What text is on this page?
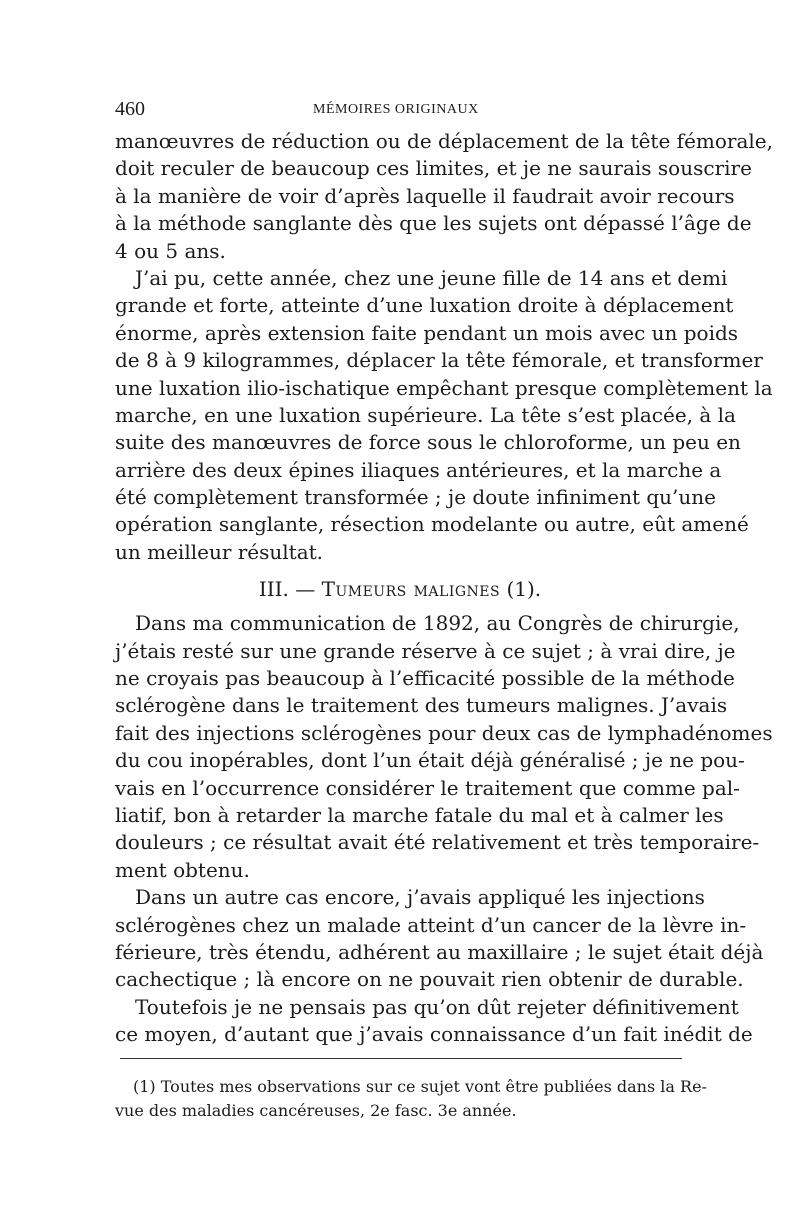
460	MÉMOIRES ORIGINAUX
manœuvres de réduction ou de déplacement de la tête fémorale,
doit reculer de beaucoup ces limites, et je ne saurais souscrire
à la manière de voir d’après laquelle il faudrait avoir recours
à la méthode sanglante dès que les sujets ont dépassé l’âge de
4 ou 5 ans.
J’ai pu, cette année, chez une jeune fille de 14 ans et demi
grande et forte, atteinte d’une luxation droite à déplacement
énorme, après extension faite pendant un mois avec un poids
de 8 à 9 kilogrammes, déplacer la tête fémorale, et transformer
une luxation ilio-ischatique empêchant presque complètement la
marche, en une luxation supérieure. La tête s’est placée, à la
suite des manœuvres de force sous le chloroforme, un peu en
arrière des deux épines iliaques antérieures, et la marche a
été complètement transformée ; je doute infiniment qu’une
opération sanglante, résection modelante ou autre, eût amené
un meilleur résultat.
III. — Tumeurs malignes (1).
Dans ma communication de 1892, au Congrès de chirurgie,
j’étais resté sur une grande réserve à ce sujet ; à vrai dire, je
ne croyais pas beaucoup à l’efficacité possible de la méthode
sclérogène dans le traitement des tumeurs malignes. J’avais
fait des injections sclérogènes pour deux cas de lymphadénomes
du cou inopérables, dont l’un était déjà généralisé ; je ne pou-
vais en l’occurrence considérer le traitement que comme pal-
liatif, bon à retarder la marche fatale du mal et à calmer les
douleurs ; ce résultat avait été relativement et très temporaire-
ment obtenu.
Dans un autre cas encore, j’avais appliqué les injections
sclérogènes chez un malade atteint d’un cancer de la lèvre in-
férieure, très étendu, adhérent au maxillaire ; le sujet était déjà
cachectique ; là encore on ne pouvait rien obtenir de durable.
Toutefois je ne pensais pas qu’on dût rejeter définitivement
ce moyen, d’autant que j’avais connaissance d’un fait inédit de
(1) Toutes mes observations sur ce sujet vont être publiées dans la Re-
vue des maladies cancéreuses, 2e fasc. 3e année.
